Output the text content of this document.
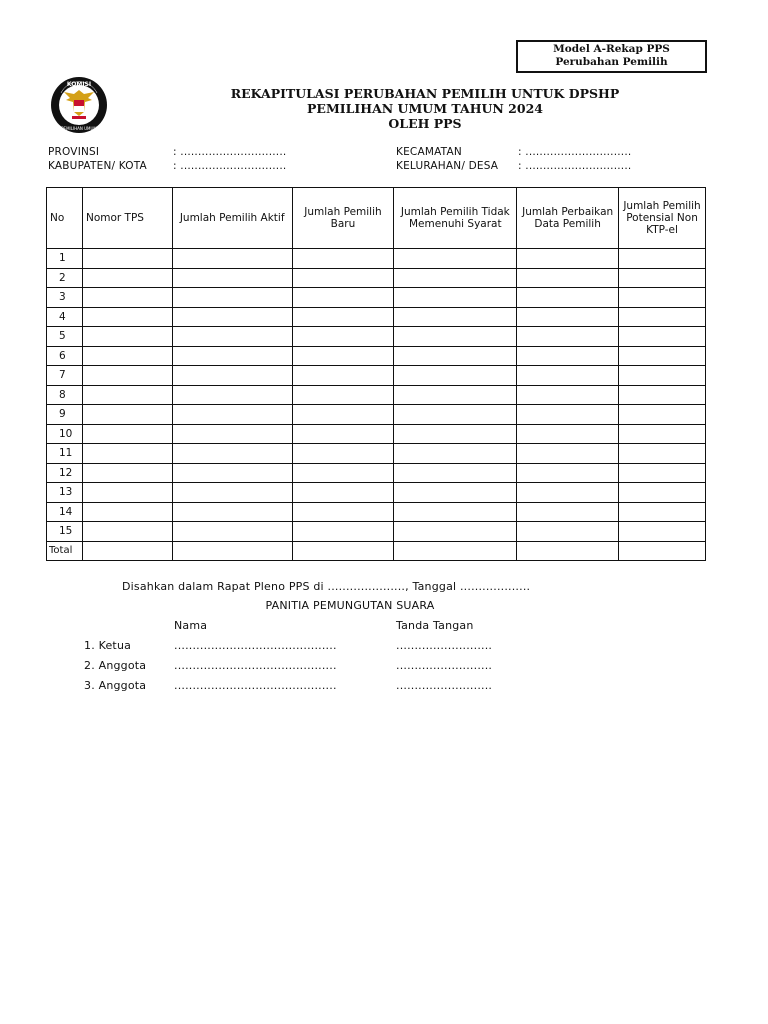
Model A-Rekap PPS
Perubahan Pemilih
KOMISI
PEMILIHAN UMUM
REKAPITULASI PERUBAHAN PEMILIH UNTUK DPSHP
PEMILIHAN UMUM TAHUN 2024
OLEH PPS
PROVINSI	: ..............................
KABUPATEN/ KOTA : ..............................
KECAMATAN	: ..............................
KELURAHAN/ DESA : ..............................
No	Nomor TPS	Jumlah Pemilih Aktif	Jumlah Pemilih Baru	Jumlah Pemilih Tidak Memenuhi Syarat	Jumlah Perbaikan Data Pemilih	Jumlah Pemilih Potensial Non KTP-el
1						
2						
3						
4						
5						
6						
7						
8						
9						
10						
11						
12						
13						
14						
15						
Total						
Disahkan dalam Rapat Pleno PPS di ....................., Tanggal ...................
PANITIA PEMUNGUTAN SUARA
Nama	Tanda Tangan
1. Ketua	............................................	..........................
2. Anggota	............................................	..........................
3. Anggota	............................................	..........................
